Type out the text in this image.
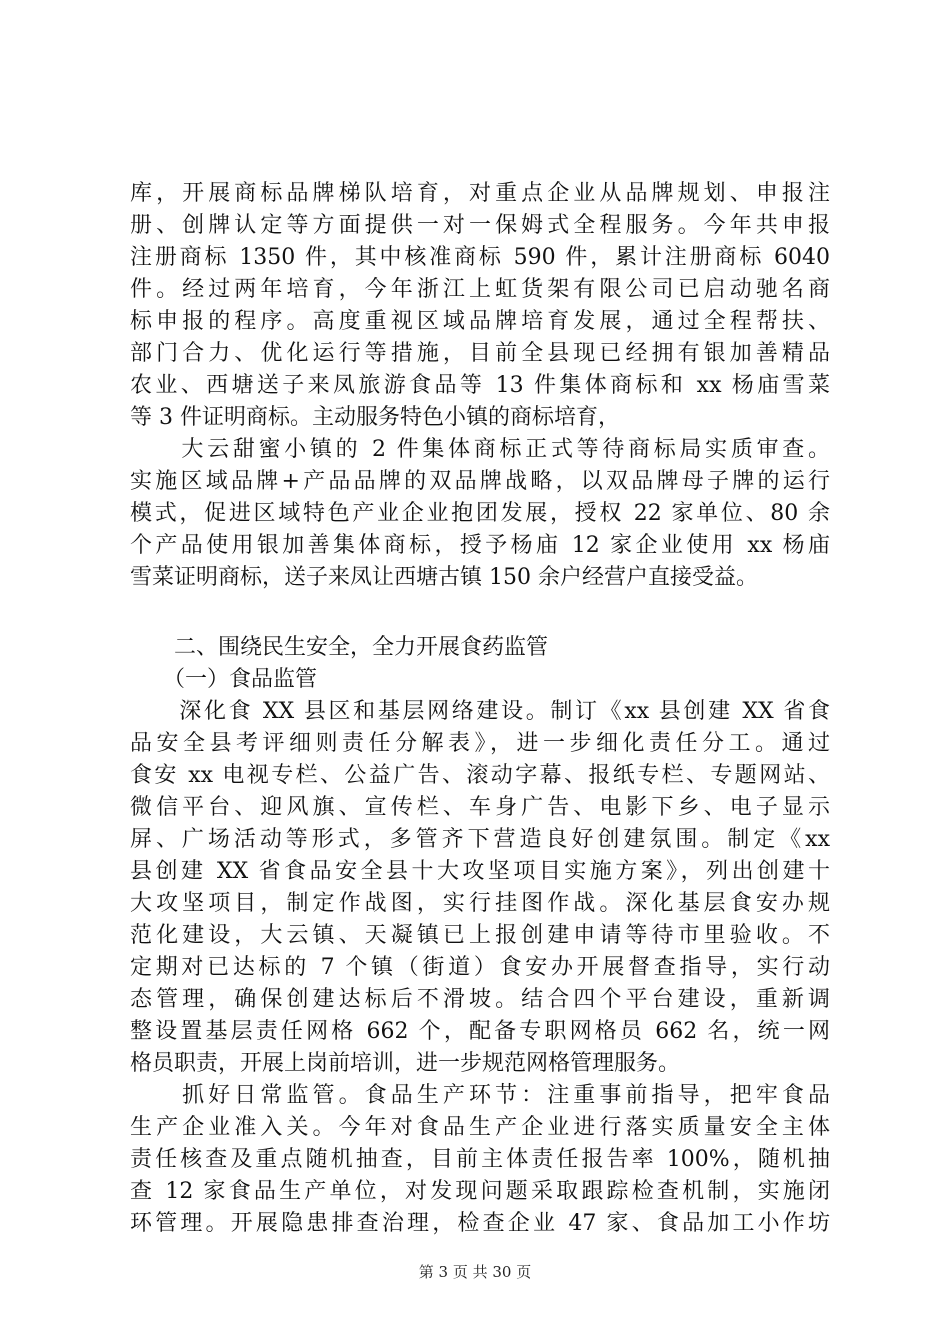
库，开展商标品牌梯队培育，对重点企业从品牌规划、申报注
册、创牌认定等方面提供一对一保姆式全程服务。今年共申报
注册商标 1350 件，其中核准商标 590 件，累计注册商标 6040
件。经过两年培育，今年浙江上虹货架有限公司已启动驰名商
标申报的程序。高度重视区域品牌培育发展，通过全程帮扶、
部门合力、优化运行等措施，目前全县现已经拥有银加善精品
农业、西塘送子来凤旅游食品等 13 件集体商标和 xx 杨庙雪菜
等 3 件证明商标。主动服务特色小镇的商标培育，
　　大云甜蜜小镇的 2 件集体商标正式等待商标局实质审查。
实施区域品牌+产品品牌的双品牌战略，以双品牌母子牌的运行
模式，促进区域特色产业企业抱团发展，授权 22 家单位、80 余
个产品使用银加善集体商标，授予杨庙 12 家企业使用 xx 杨庙
雪菜证明商标，送子来凤让西塘古镇 150 余户经营户直接受益。
　　二、围绕民生安全，全力开展食药监管
　　（一）食品监管
　　深化食 XX 县区和基层网络建设。制订《xx 县创建 XX 省食
品安全县考评细则责任分解表》，进一步细化责任分工。通过
食安 xx 电视专栏、公益广告、滚动字幕、报纸专栏、专题网站、
微信平台、迎风旗、宣传栏、车身广告、电影下乡、电子显示
屏、广场活动等形式，多管齐下营造良好创建氛围。制定《xx
县创建 XX 省食品安全县十大攻坚项目实施方案》，列出创建十
大攻坚项目，制定作战图，实行挂图作战。深化基层食安办规
范化建设，大云镇、天凝镇已上报创建申请等待市里验收。不
定期对已达标的 7 个镇（街道）食安办开展督查指导，实行动
态管理，确保创建达标后不滑坡。结合四个平台建设，重新调
整设置基层责任网格 662 个，配备专职网格员 662 名，统一网
格员职责，开展上岗前培训，进一步规范网格管理服务。
　　抓好日常监管。食品生产环节：注重事前指导，把牢食品
生产企业准入关。今年对食品生产企业进行落实质量安全主体
责任核查及重点随机抽查，目前主体责任报告率 100%，随机抽
查 12 家食品生产单位，对发现问题采取跟踪检查机制，实施闭
环管理。开展隐患排查治理，检查企业 47 家、食品加工小作坊
第 3 页 共 30 页
